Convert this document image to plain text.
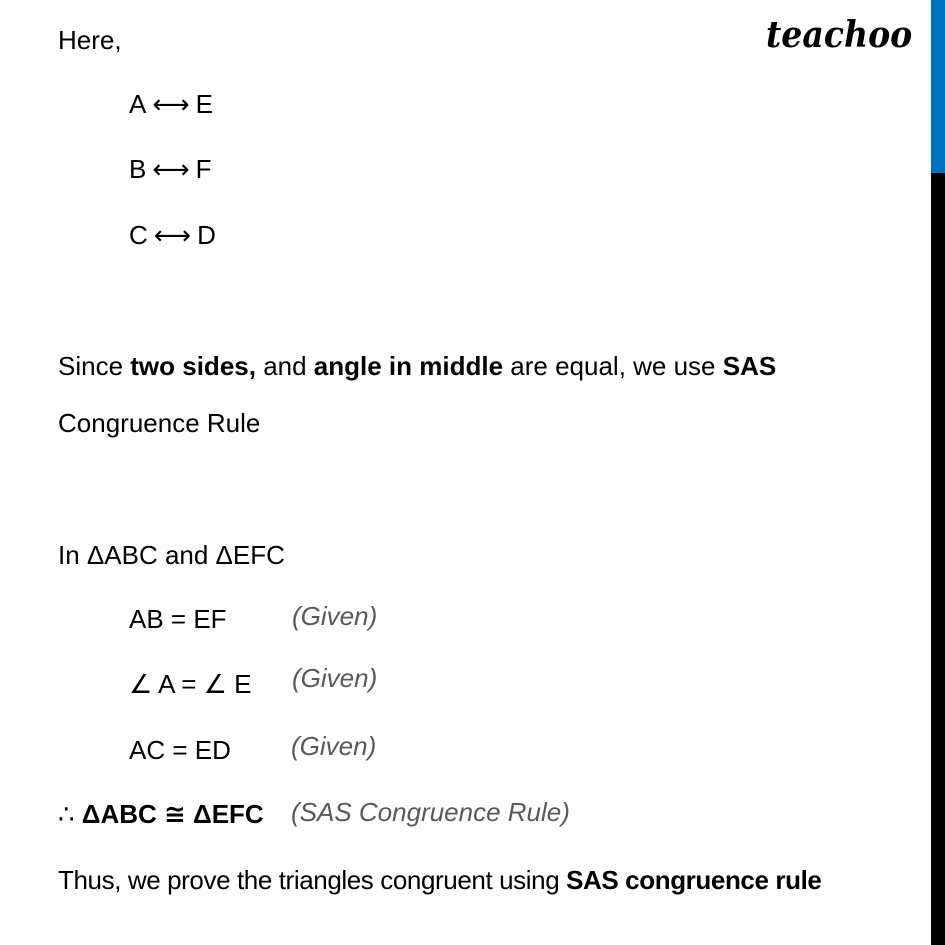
teachoo
Here,
A ⟷ E
B ⟷ F
C ⟷ D
Since two sides, and angle in middle are equal, we use SAS
Congruence Rule
In ΔABC and ΔEFC
AB = EF	(Given)
∠ A = ∠ E (Given)
AC = ED (Given)
∴ ΔABC ≅ ΔEFC (SAS Congruence Rule)
Thus, we prove the triangles congruent using SAS congruence rule
